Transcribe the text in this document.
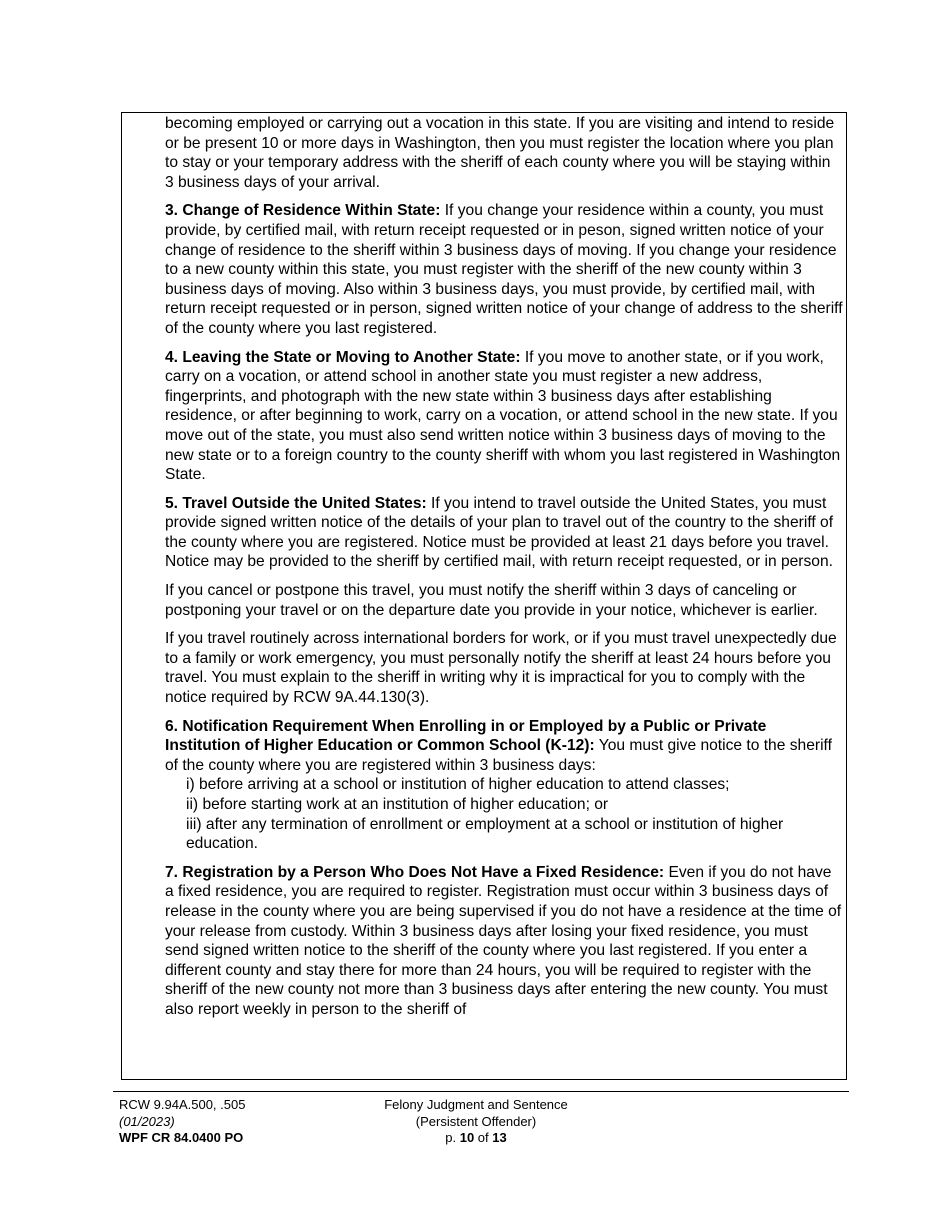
becoming employed or carrying out a vocation in this state. If you are visiting and intend to reside or be present 10 or more days in Washington, then you must register the location where you plan to stay or your temporary address with the sheriff of each county where you will be staying within 3 business days of your arrival.

3. Change of Residence Within State: If you change your residence within a county, you must provide, by certified mail, with return receipt requested or in peson, signed written notice of your change of residence to the sheriff within 3 business days of moving. If you change your residence to a new county within this state, you must register with the sheriff of the new county within 3 business days of moving. Also within 3 business days, you must provide, by certified mail, with return receipt requested or in person, signed written notice of your change of address to the sheriff of the county where you last registered.

4. Leaving the State or Moving to Another State: If you move to another state, or if you work, carry on a vocation, or attend school in another state you must register a new address, fingerprints, and photograph with the new state within 3 business days after establishing residence, or after beginning to work, carry on a vocation, or attend school in the new state. If you move out of the state, you must also send written notice within 3 business days of moving to the new state or to a foreign country to the county sheriff with whom you last registered in Washington State.

5. Travel Outside the United States: If you intend to travel outside the United States, you must provide signed written notice of the details of your plan to travel out of the country to the sheriff of the county where you are registered. Notice must be provided at least 21 days before you travel. Notice may be provided to the sheriff by certified mail, with return receipt requested, or in person.

If you cancel or postpone this travel, you must notify the sheriff within 3 days of canceling or postponing your travel or on the departure date you provide in your notice, whichever is earlier.

If you travel routinely across international borders for work, or if you must travel unexpectedly due to a family or work emergency, you must personally notify the sheriff at least 24 hours before you travel. You must explain to the sheriff in writing why it is impractical for you to comply with the notice required by RCW 9A.44.130(3).

6. Notification Requirement When Enrolling in or Employed by a Public or Private Institution of Higher Education or Common School (K-12): You must give notice to the sheriff of the county where you are registered within 3 business days:
i) before arriving at a school or institution of higher education to attend classes;
ii) before starting work at an institution of higher education; or
iii) after any termination of enrollment or employment at a school or institution of higher education.

7. Registration by a Person Who Does Not Have a Fixed Residence: Even if you do not have a fixed residence, you are required to register. Registration must occur within 3 business days of release in the county where you are being supervised if you do not have a residence at the time of your release from custody. Within 3 business days after losing your fixed residence, you must send signed written notice to the sheriff of the county where you last registered. If you enter a different county and stay there for more than 24 hours, you will be required to register with the sheriff of the new county not more than 3 business days after entering the new county. You must also report weekly in person to the sheriff of

RCW 9.94A.500, .505
(01/2023)
WPF CR 84.0400 PO
Felony Judgment and Sentence
(Persistent Offender)
p. 10 of 13
